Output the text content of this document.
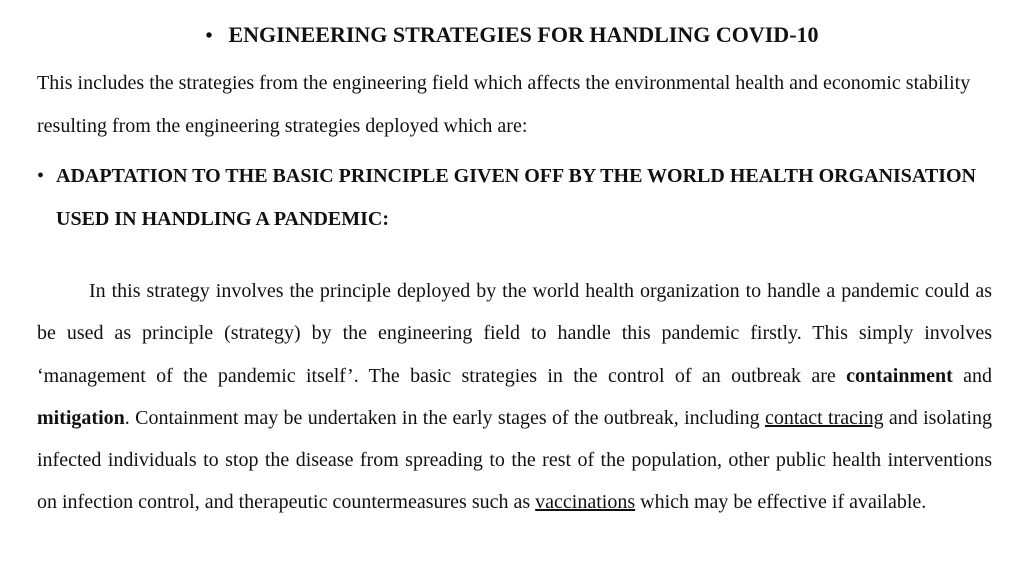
• ENGINEERING STRATEGIES FOR HANDLING COVID-10
This includes the strategies from the engineering field which affects the environmental health and economic stability resulting from the engineering strategies deployed which are:
• ADAPTATION TO THE BASIC PRINCIPLE GIVEN OFF BY THE WORLD HEALTH ORGANISATION USED IN HANDLING A PANDEMIC:

In this strategy involves the principle deployed by the world health organization to handle a pandemic could as be used as principle (strategy) by the engineering field to handle this pandemic firstly. This simply involves ‘management of the pandemic itself’. The basic strategies in the control of an outbreak are containment and mitigation. Containment may be undertaken in the early stages of the outbreak, including contact tracing and isolating infected individuals to stop the disease from spreading to the rest of the population, other public health interventions on infection control, and therapeutic countermeasures such as vaccinations which may be effective if available.
